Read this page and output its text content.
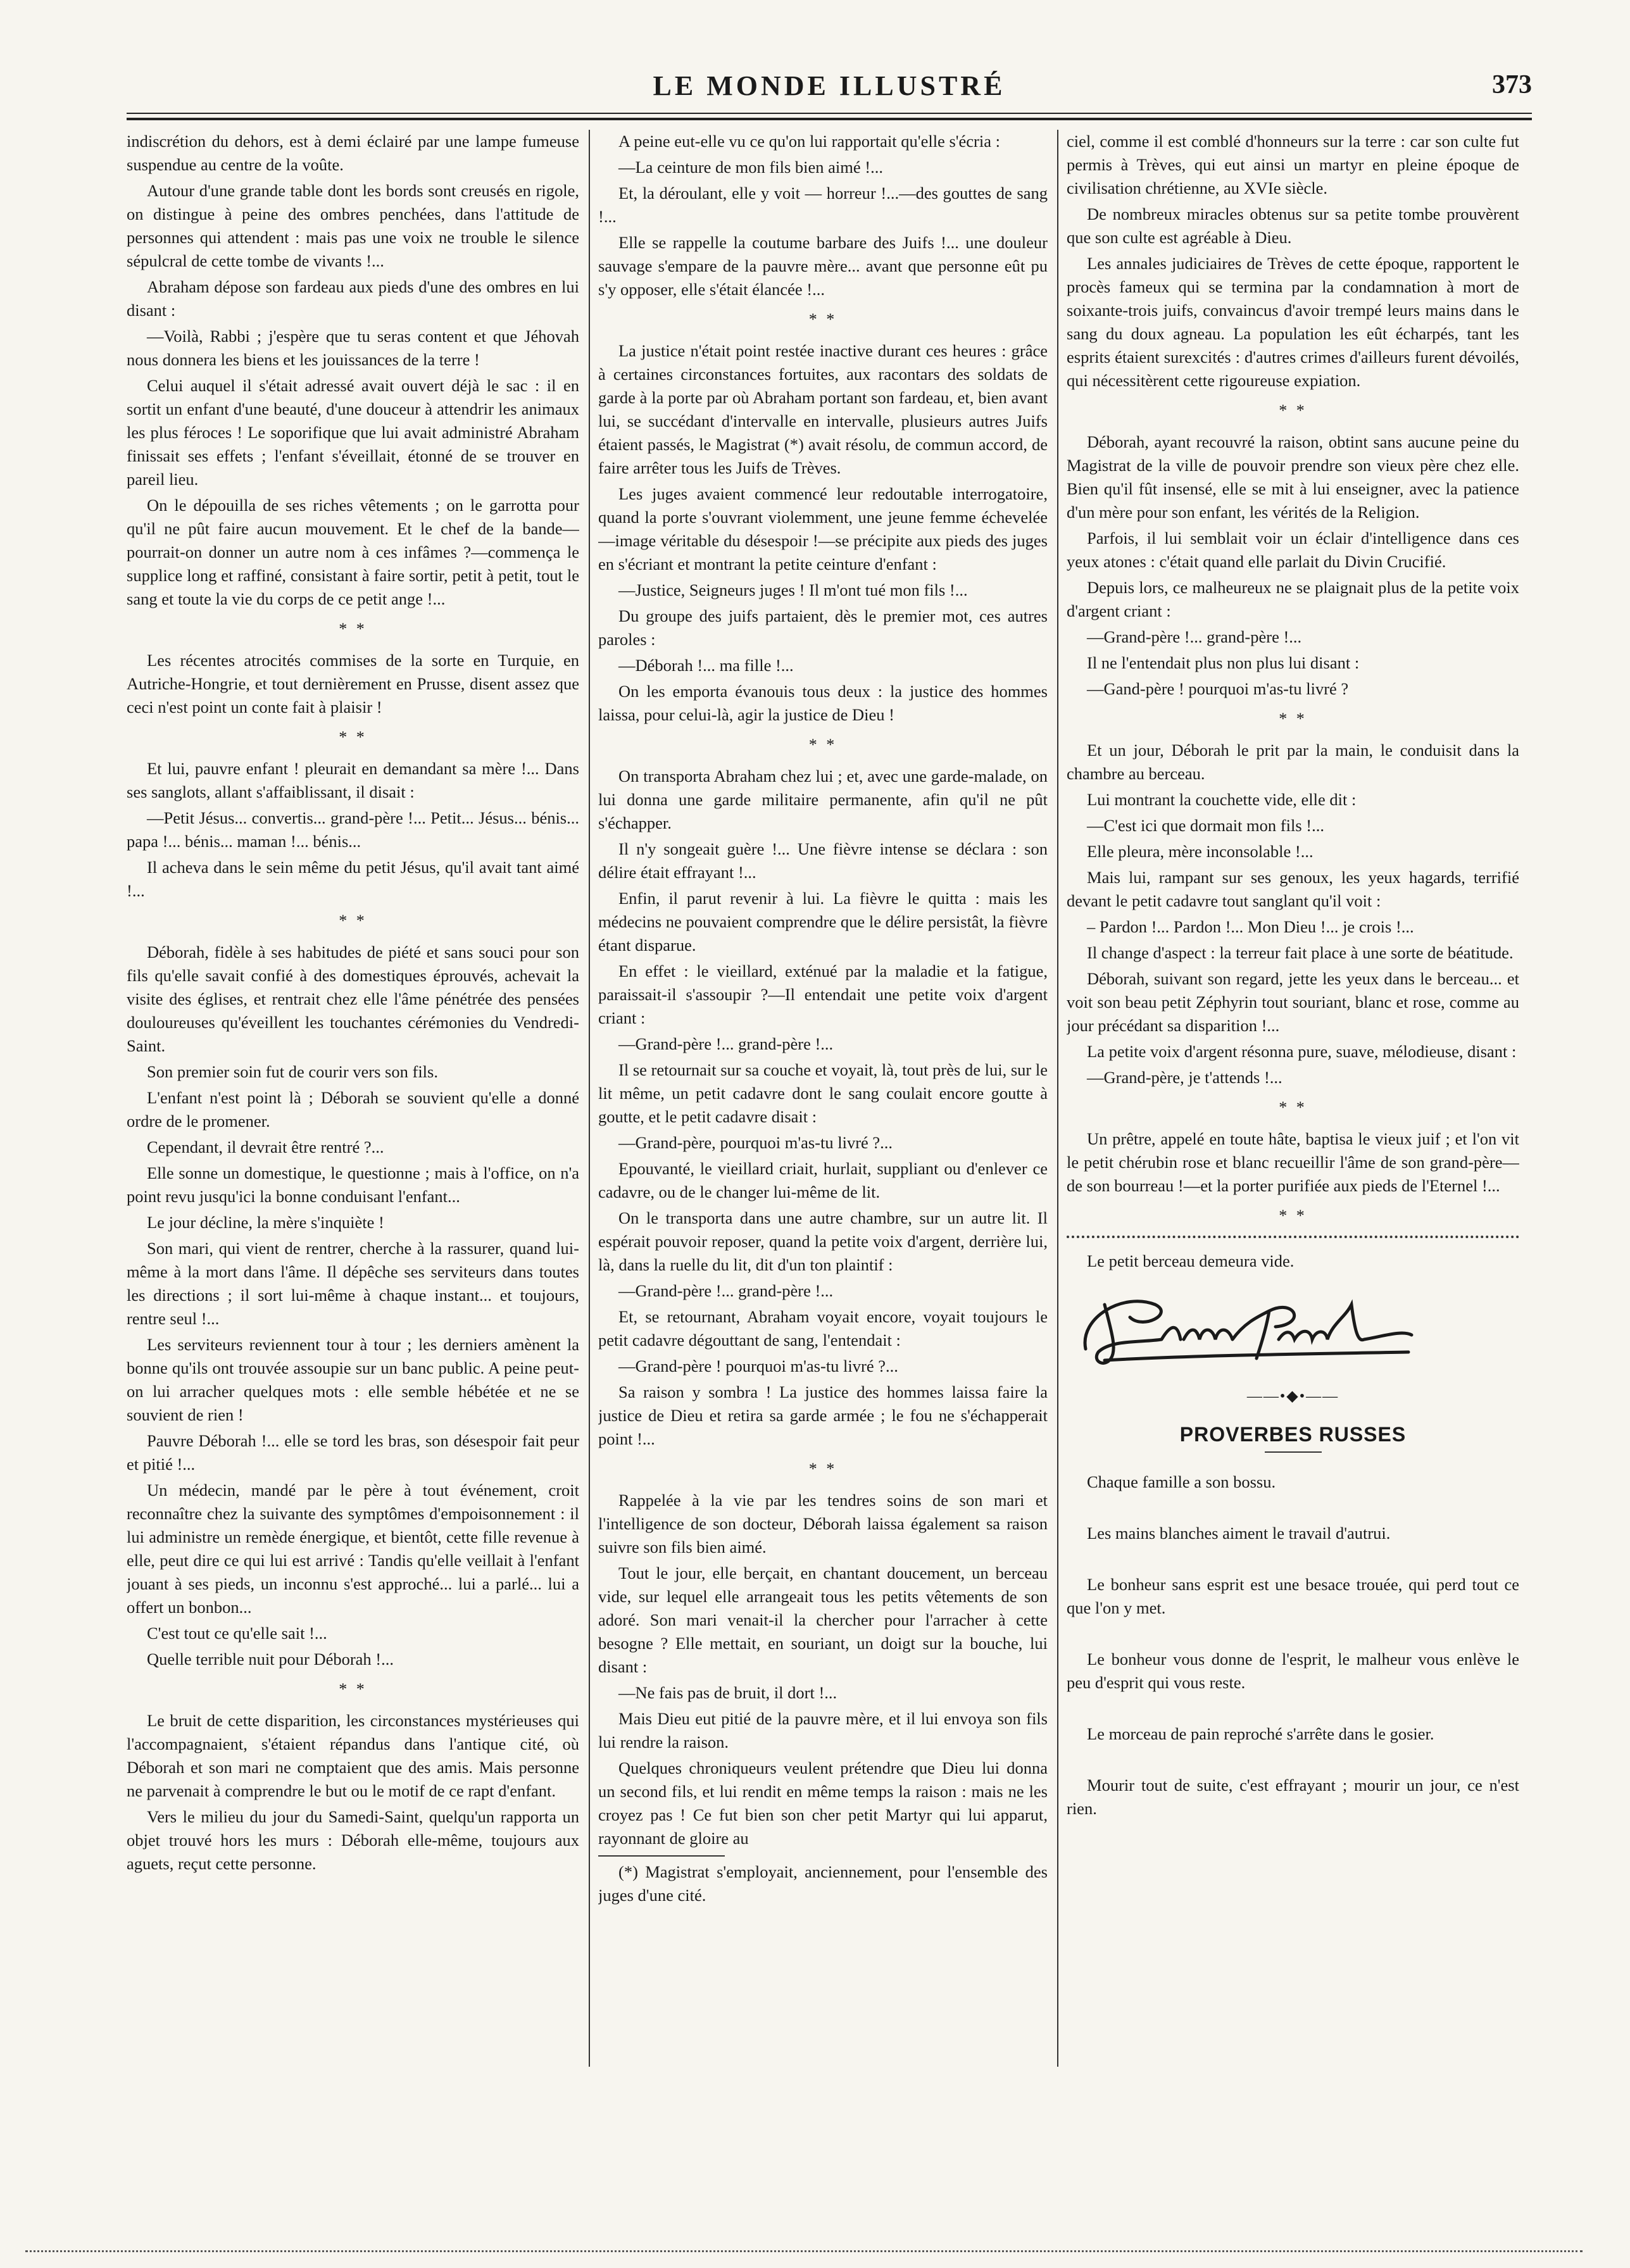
LE MONDE ILLUSTRÉ	373

indiscrétion du dehors, est à demi éclairé par une lampe fumeuse suspendue au centre de la voûte.

Autour d'une grande table dont les bords sont creusés en rigole, on distingue à peine des ombres penchées, dans l'attitude de personnes qui attendent : mais pas une voix ne trouble le silence sépulcral de cette tombe de vivants !...

Abraham dépose son fardeau aux pieds d'une des ombres en lui disant :

—Voilà, Rabbi ; j'espère que tu seras content et que Jéhovah nous donnera les biens et les jouissances de la terre !

Celui auquel il s'était adressé avait ouvert déjà le sac : il en sortit un enfant d'une beauté, d'une douceur à attendrir les animaux les plus féroces ! Le soporifique que lui avait administré Abraham finissait ses effets ; l'enfant s'éveillait, étonné de se trouver en pareil lieu.

On le dépouilla de ses riches vêtements ; on le garrotta pour qu'il ne pût faire aucun mouvement. Et le chef de la bande—pourrait-on donner un autre nom à ces infâmes ?—commença le supplice long et raffiné, consistant à faire sortir, petit à petit, tout le sang et toute la vie du corps de ce petit ange !...

* *

Les récentes atrocités commises de la sorte en Turquie, en Autriche-Hongrie, et tout dernièrement en Prusse, disent assez que ceci n'est point un conte fait à plaisir !

* *

Et lui, pauvre enfant ! pleurait en demandant sa mère !... Dans ses sanglots, allant s'affaiblissant, il disait :

—Petit Jésus... convertis... grand-père !... Petit... Jésus... bénis... papa !... bénis... maman !... bénis...

Il acheva dans le sein même du petit Jésus, qu'il avait tant aimé !...

* *

Déborah, fidèle à ses habitudes de piété et sans souci pour son fils qu'elle savait confié à des domestiques éprouvés, achevait la visite des églises, et rentrait chez elle l'âme pénétrée des pensées douloureuses qu'éveillent les touchantes cérémonies du Vendredi-Saint.

Son premier soin fut de courir vers son fils.

L'enfant n'est point là ; Déborah se souvient qu'elle a donné ordre de le promener.

Cependant, il devrait être rentré ?...

Elle sonne un domestique, le questionne ; mais à l'office, on n'a point revu jusqu'ici la bonne conduisant l'enfant...

Le jour décline, la mère s'inquiète !

Son mari, qui vient de rentrer, cherche à la rassurer, quand lui-même à la mort dans l'âme. Il dépêche ses serviteurs dans toutes les directions ; il sort lui-même à chaque instant... et toujours, rentre seul !...

Les serviteurs reviennent tour à tour ; les derniers amènent la bonne qu'ils ont trouvée assoupie sur un banc public. A peine peut-on lui arracher quelques mots : elle semble hébétée et ne se souvient de rien !

Pauvre Déborah !... elle se tord les bras, son désespoir fait peur et pitié !...

Un médecin, mandé par le père à tout événement, croit reconnaître chez la suivante des symptômes d'empoisonnement : il lui administre un remède énergique, et bientôt, cette fille revenue à elle, peut dire ce qui lui est arrivé : Tandis qu'elle veillait à l'enfant jouant à ses pieds, un inconnu s'est approché... lui a parlé... lui a offert un bonbon...

C'est tout ce qu'elle sait !...

Quelle terrible nuit pour Déborah !...

* *

Le bruit de cette disparition, les circonstances mystérieuses qui l'accompagnaient, s'étaient répandus dans l'antique cité, où Déborah et son mari ne comptaient que des amis. Mais personne ne parvenait à comprendre le but ou le motif de ce rapt d'enfant.

Vers le milieu du jour du Samedi-Saint, quelqu'un rapporta un objet trouvé hors les murs : Déborah elle-même, toujours aux aguets, reçut cette personne.

A peine eut-elle vu ce qu'on lui rapportait qu'elle s'écria :

—La ceinture de mon fils bien aimé !...

Et, la déroulant, elle y voit — horreur !...—des gouttes de sang !...

Elle se rappelle la coutume barbare des Juifs !... une douleur sauvage s'empare de la pauvre mère... avant que personne eût pu s'y opposer, elle s'était élancée !...

* *

La justice n'était point restée inactive durant ces heures : grâce à certaines circonstances fortuites, aux racontars des soldats de garde à la porte par où Abraham portant son fardeau, et, bien avant lui, se succédant d'intervalle en intervalle, plusieurs autres Juifs étaient passés, le Magistrat (*) avait résolu, de commun accord, de faire arrêter tous les Juifs de Trèves.

Les juges avaient commencé leur redoutable interrogatoire, quand la porte s'ouvrant violemment, une jeune femme échevelée—image véritable du désespoir !—se précipite aux pieds des juges en s'écriant et montrant la petite ceinture d'enfant :

—Justice, Seigneurs juges ! Il m'ont tué mon fils !...

Du groupe des juifs partaient, dès le premier mot, ces autres paroles :

—Déborah !... ma fille !...

On les emporta évanouis tous deux : la justice des hommes laissa, pour celui-là, agir la justice de Dieu !

* *

On transporta Abraham chez lui ; et, avec une garde-malade, on lui donna une garde militaire permanente, afin qu'il ne pût s'échapper.

Il n'y songeait guère !... Une fièvre intense se déclara : son délire était effrayant !...

Enfin, il parut revenir à lui. La fièvre le quitta : mais les médecins ne pouvaient comprendre que le délire persistât, la fièvre étant disparue.

En effet : le vieillard, exténué par la maladie et la fatigue, paraissait-il s'assoupir ?—Il entendait une petite voix d'argent criant :

—Grand-père !... grand-père !...

Il se retournait sur sa couche et voyait, là, tout près de lui, sur le lit même, un petit cadavre dont le sang coulait encore goutte à goutte, et le petit cadavre disait :

—Grand-père, pourquoi m'as-tu livré ?...

Epouvanté, le vieillard criait, hurlait, suppliant ou d'enlever ce cadavre, ou de le changer lui-même de lit.

On le transporta dans une autre chambre, sur un autre lit. Il espérait pouvoir reposer, quand la petite voix d'argent, derrière lui, là, dans la ruelle du lit, dit d'un ton plaintif :

—Grand-père !... grand-père !...

Et, se retournant, Abraham voyait encore, voyait toujours le petit cadavre dégouttant de sang, l'entendait :

—Grand-père ! pourquoi m'as-tu livré ?...

Sa raison y sombra ! La justice des hommes laissa faire la justice de Dieu et retira sa garde armée ; le fou ne s'échapperait point !...

* *

Rappelée à la vie par les tendres soins de son mari et l'intelligence de son docteur, Déborah laissa également sa raison suivre son fils bien aimé.

Tout le jour, elle berçait, en chantant doucement, un berceau vide, sur lequel elle arrangeait tous les petits vêtements de son adoré. Son mari venait-il la chercher pour l'arracher à cette besogne ? Elle mettait, en souriant, un doigt sur la bouche, lui disant :

—Ne fais pas de bruit, il dort !...

Mais Dieu eut pitié de la pauvre mère, et il lui envoya son fils lui rendre la raison.

Quelques chroniqueurs veulent prétendre que Dieu lui donna un second fils, et lui rendit en même temps la raison : mais ne les croyez pas ! Ce fut bien son cher petit Martyr qui lui apparut, rayonnant de gloire au

(*) Magistrat s'employait, anciennement, pour l'ensemble des juges d'une cité.

ciel, comme il est comblé d'honneurs sur la terre : car son culte fut permis à Trèves, qui eut ainsi un martyr en pleine époque de civilisation chrétienne, au XVIe siècle.

De nombreux miracles obtenus sur sa petite tombe prouvèrent que son culte est agréable à Dieu.

Les annales judiciaires de Trèves de cette époque, rapportent le procès fameux qui se termina par la condamnation à mort de soixante-trois juifs, convaincus d'avoir trempé leurs mains dans le sang du doux agneau. La population les eût écharpés, tant les esprits étaient surexcités : d'autres crimes d'ailleurs furent dévoilés, qui nécessitèrent cette rigoureuse expiation.

* *

Déborah, ayant recouvré la raison, obtint sans aucune peine du Magistrat de la ville de pouvoir prendre son vieux père chez elle. Bien qu'il fût insensé, elle se mit à lui enseigner, avec la patience d'un mère pour son enfant, les vérités de la Religion.

Parfois, il lui semblait voir un éclair d'intelligence dans ces yeux atones : c'était quand elle parlait du Divin Crucifié.

Depuis lors, ce malheureux ne se plaignait plus de la petite voix d'argent criant :

—Grand-père !... grand-père !...

Il ne l'entendait plus non plus lui disant :

—Gand-père ! pourquoi m'as-tu livré ?

* *

Et un jour, Déborah le prit par la main, le conduisit dans la chambre au berceau.

Lui montrant la couchette vide, elle dit :

—C'est ici que dormait mon fils !...

Elle pleura, mère inconsolable !...

Mais lui, rampant sur ses genoux, les yeux hagards, terrifié devant le petit cadavre tout sanglant qu'il voit :

– Pardon !... Pardon !... Mon Dieu !... je crois !...

Il change d'aspect : la terreur fait place à une sorte de béatitude.

Déborah, suivant son regard, jette les yeux dans le berceau... et voit son beau petit Zéphyrin tout souriant, blanc et rose, comme au jour précédant sa disparition !...

La petite voix d'argent résonna pure, suave, mélodieuse, disant :

—Grand-père, je t'attends !...

* *

Un prêtre, appelé en toute hâte, baptisa le vieux juif ; et l'on vit le petit chérubin rose et blanc recueillir l'âme de son grand-père—de son bourreau !—et la porter purifiée aux pieds de l'Eternel !...

* *

Le petit berceau demeura vide.

——•◆•——
PROVERBES RUSSES

Chaque famille a son bossu.

Les mains blanches aiment le travail d'autrui.

Le bonheur sans esprit est une besace trouée, qui perd tout ce que l'on y met.

Le bonheur vous donne de l'esprit, le malheur vous enlève le peu d'esprit qui vous reste.

Le morceau de pain reproché s'arrête dans le gosier.

Mourir tout de suite, c'est effrayant ; mourir un jour, ce n'est rien.
